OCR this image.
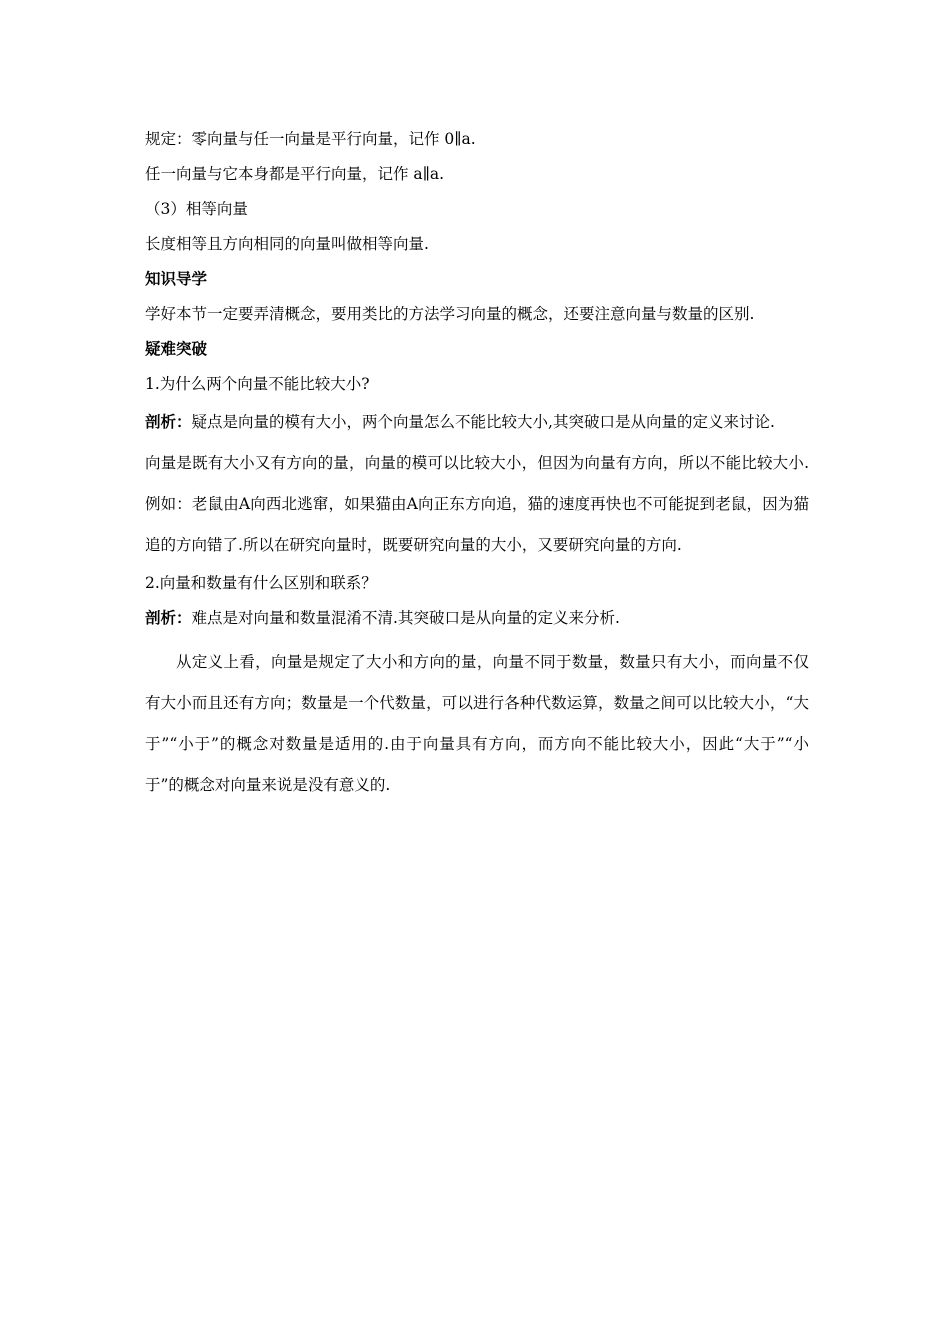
规定：零向量与任一向量是平行向量，记作 0∥a.

任一向量与它本身都是平行向量，记作 a∥a.

（3）相等向量

长度相等且方向相同的向量叫做相等向量.

知识导学

学好本节一定要弄清概念，要用类比的方法学习向量的概念，还要注意向量与数量的区别.

疑难突破

1.为什么两个向量不能比较大小?

剖析：疑点是向量的模有大小，两个向量怎么不能比较大小,其突破口是从向量的定义来讨论.

向量是既有大小又有方向的量，向量的模可以比较大小，但因为向量有方向，所以不能比较大小.例如：老鼠由A向西北逃窜，如果猫由A向正东方向追，猫的速度再快也不可能捉到老鼠，因为猫追的方向错了.所以在研究向量时，既要研究向量的大小，又要研究向量的方向.

2.向量和数量有什么区别和联系？

剖析：难点是对向量和数量混淆不清.其突破口是从向量的定义来分析.

从定义上看，向量是规定了大小和方向的量，向量不同于数量，数量只有大小，而向量不仅有大小而且还有方向；数量是一个代数量，可以进行各种代数运算，数量之间可以比较大小，“大于”“小于”的概念对数量是适用的.由于向量具有方向，而方向不能比较大小，因此“大于”“小于”的概念对向量来说是没有意义的.
